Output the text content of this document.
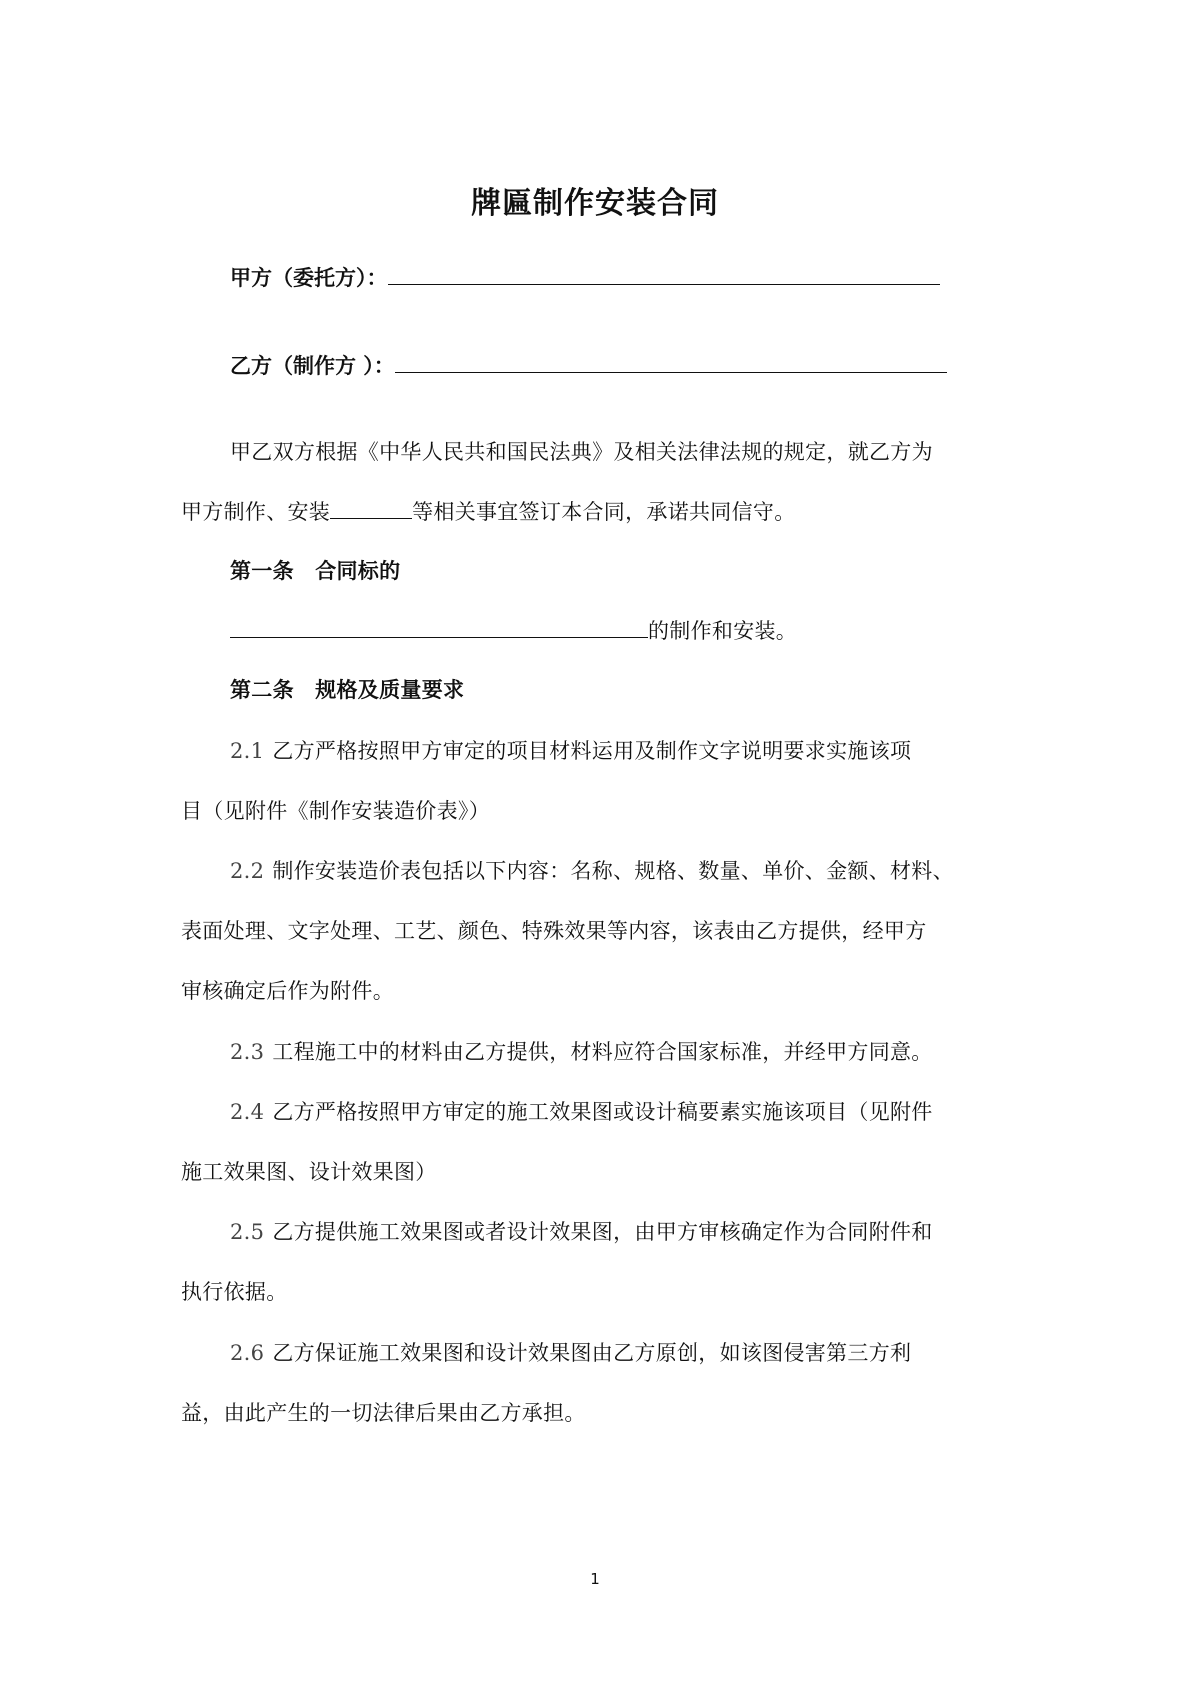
牌匾制作安装合同
甲方（委托方）：
乙方（制作方 ）：
甲乙双方根据《中华人民共和国民法典》及相关法律法规的规定，就乙方为
甲方制作、安装	等相关事宜签订本合同，承诺共同信守。
第一条　合同标的
的制作和安装。
第二条　规格及质量要求
2.1 乙方严格按照甲方审定的项目材料运用及制作文字说明要求实施该项
目（见附件《制作安装造价表》）
2.2 制作安装造价表包括以下内容：名称、规格、数量、单价、金额、材料、
表面处理、文字处理、工艺、颜色、特殊效果等内容，该表由乙方提供，经甲方
审核确定后作为附件。
2.3 工程施工中的材料由乙方提供，材料应符合国家标准，并经甲方同意。
2.4 乙方严格按照甲方审定的施工效果图或设计稿要素实施该项目（见附件
施工效果图、设计效果图）
2.5 乙方提供施工效果图或者设计效果图，由甲方审核确定作为合同附件和
执行依据。
2.6 乙方保证施工效果图和设计效果图由乙方原创，如该图侵害第三方利
益，由此产生的一切法律后果由乙方承担。
1
